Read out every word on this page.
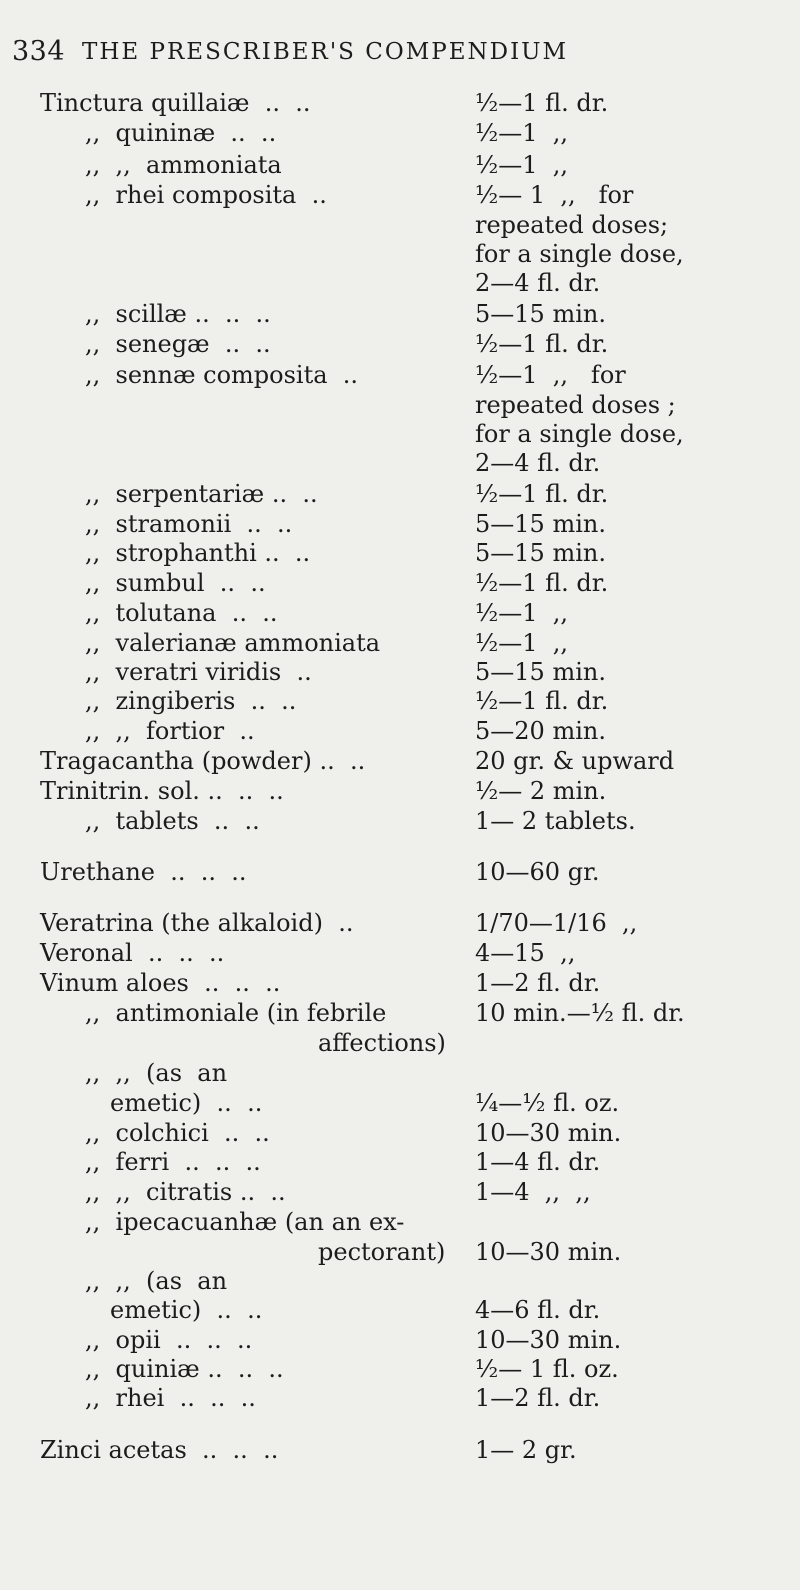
334 THE PRESCRIBER'S COMPENDIUM
Tinctura quillaiæ  ..  ..	½—1 fl. dr.
,,  quininæ  ..  ..	½—1  ,,
,,  ,,  ammoniata	½—1  ,,
,,  rhei composita  ..	½— 1  ,,   for
repeated doses;
for a single dose,
2—4 fl. dr.
,,  scillæ ..  ..  ..	5—15 min.
,,  senegæ  ..  ..	½—1 fl. dr.
,,  sennæ composita  ..	½—1  ,,   for
repeated doses ;
for a single dose,
2—4 fl. dr.
,,  serpentariæ ..  ..	½—1 fl. dr.
,,  stramonii  ..  ..	5—15 min.
,,  strophanthi ..  ..	5—15 min.
,,  sumbul  ..  ..	½—1 fl. dr.
,,  tolutana  ..  ..	½—1  ,,
,,  valerianæ ammoniata	½—1  ,,
,,  veratri viridis  ..	5—15 min.
,,  zingiberis  ..  ..	½—1 fl. dr.
,,  ,,  fortior  ..	5—20 min.
Tragacantha (powder) ..  ..	20 gr. & upward
Trinitrin. sol. ..  ..  ..	½— 2 min.
,,  tablets  ..  ..	1— 2 tablets.
Urethane  ..  ..  ..	10—60 gr.
Veratrina (the alkaloid)  ..	1/70—1/16  ,,
Veronal  ..  ..  ..	4—15  ,,
Vinum aloes  ..  ..  ..	1—2 fl. dr.
,,  antimoniale (in febrile	10 min.—½ fl. dr.
affections)
,,  ,,  (as  an
emetic)  ..  ..	¼—½ fl. oz.
,,  colchici  ..  ..	10—30 min.
,,  ferri  ..  ..  ..	1—4 fl. dr.
,,  ,,  citratis ..  ..	1—4  ,,  ,,
,,  ipecacuanhæ (an an ex-
pectorant) 10—30 min.
,,  ,,  (as  an
emetic)  ..  ..	4—6 fl. dr.
,,  opii  ..  ..  ..	10—30 min.
,,  quiniæ ..  ..  ..	½— 1 fl. oz.
,,  rhei  ..  ..  ..	1—2 fl. dr.
Zinci acetas  ..  ..  ..	1— 2 gr.
